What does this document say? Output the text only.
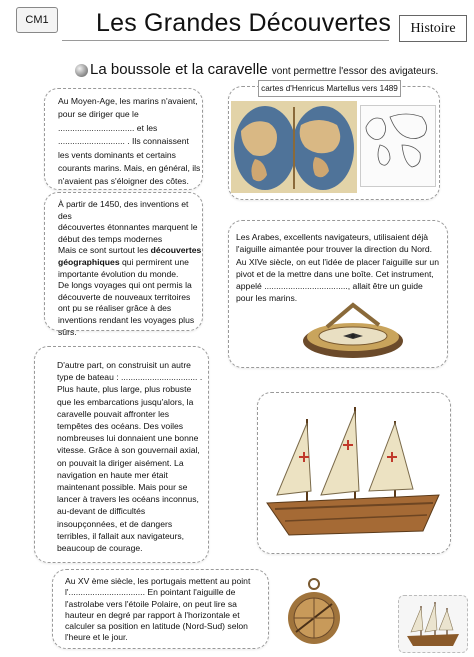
CM1	Les Grandes Découvertes	Histoire
La boussole et la caravelle vont permettre l'essor des avigateurs.
Au Moyen-Age, les marins n'avaient,
pour se diriger que le
................................ et les
............................ . Ils connaissent
les vents dominants et certains
courants marins. Mais, en général, ils
n'avaient pas s'éloigner des côtes.
À partir de 1450, des inventions et des
découvertes étonnantes marquent le
début des temps modernes
Mais ce sont surtout les découvertes
géographiques qui permirent une
importante évolution du monde.
De longs voyages qui ont permis la
découverte de nouveaux territoires
ont pu se réaliser grâce à des
inventions rendant les voyages plus
sûrs.
D'autre part, on construisit un autre
type de bateau : ................................ .
Plus haute, plus large, plus robuste
que les embarcations jusqu'alors, la
caravelle pouvait affronter les
tempêtes des océans. Des voiles
nombreuses lui donnaient une bonne
vitesse. Grâce à son gouvernail axial,
on pouvait la diriger aisément. La
navigation en haute mer était
maintenant possible. Mais pour se
lancer à travers les océans inconnus,
au-devant de difficultés
insoupçonnées, et de dangers
terribles, il fallait aux navigateurs,
beaucoup de courage.
Au XV ème siècle, les portugais mettent au point
l'................................ En pointant l'aiguille de
l'astrolabe vers l'étoile Polaire, on peut lire sa
hauteur en degré par rapport à l'horizontale et
calculer sa position en latitude (Nord-Sud) selon
l'heure et le jour.
cartes d'Henricus Martellus vers 1489
Les Arabes, excellents navigateurs, utilisaient déjà
l'aiguille aimantée pour trouver la direction du Nord.
Au XIVe siècle, on eut l'idée de placer l'aiguille sur un
pivot et de la mettre dans une boîte. Cet instrument,
appelé ..................................., allait être un guide
pour les marins.
